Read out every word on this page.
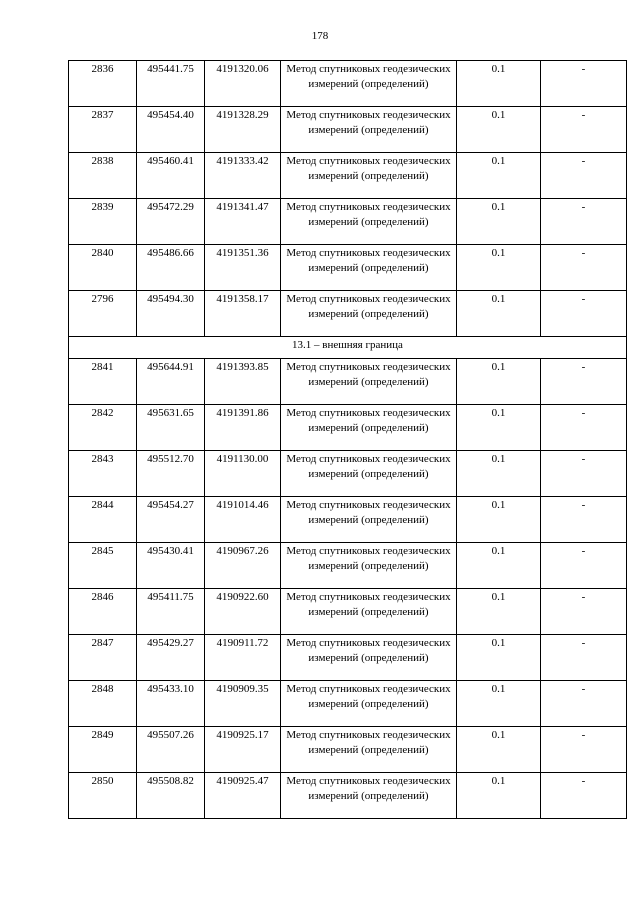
178
2836	495441.75	4191320.06	Метод спутниковых геодезических измерений (определений)	0.1	-
2837	495454.40	4191328.29	Метод спутниковых геодезических измерений (определений)	0.1	-
2838	495460.41	4191333.42	Метод спутниковых геодезических измерений (определений)	0.1	-
2839	495472.29	4191341.47	Метод спутниковых геодезических измерений (определений)	0.1	-
2840	495486.66	4191351.36	Метод спутниковых геодезических измерений (определений)	0.1	-
2796	495494.30	4191358.17	Метод спутниковых геодезических измерений (определений)	0.1	-
13.1 – внешняя граница					
2841	495644.91	4191393.85	Метод спутниковых геодезических измерений (определений)	0.1	-
2842	495631.65	4191391.86	Метод спутниковых геодезических измерений (определений)	0.1	-
2843	495512.70	4191130.00	Метод спутниковых геодезических измерений (определений)	0.1	-
2844	495454.27	4191014.46	Метод спутниковых геодезических измерений (определений)	0.1	-
2845	495430.41	4190967.26	Метод спутниковых геодезических измерений (определений)	0.1	-
2846	495411.75	4190922.60	Метод спутниковых геодезических измерений (определений)	0.1	-
2847	495429.27	4190911.72	Метод спутниковых геодезических измерений (определений)	0.1	-
2848	495433.10	4190909.35	Метод спутниковых геодезических измерений (определений)	0.1	-
2849	495507.26	4190925.17	Метод спутниковых геодезических измерений (определений)	0.1	-
2850	495508.82	4190925.47	Метод спутниковых геодезических измерений (определений)	0.1	-
